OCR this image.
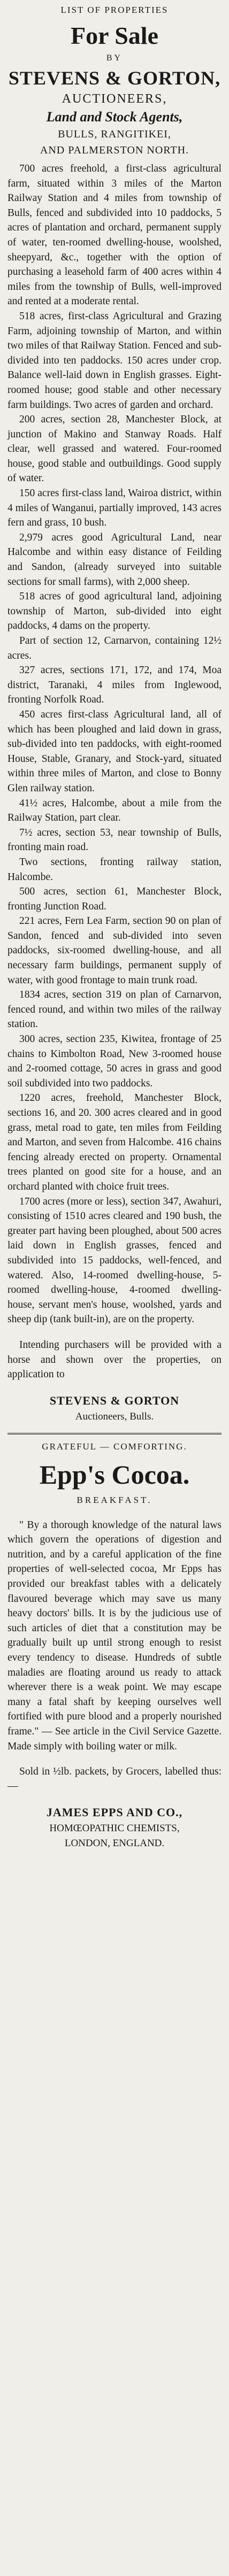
LIST OF PROPERTIES
For Sale
BY
STEVENS & GORTON,
AUCTIONEERS,
Land and Stock Agents,
BULLS, RANGITIKEI,
AND PALMERSTON NORTH.

700 acres freehold, a first-class agricultural farm, situated within 3 miles of the Marton Railway Station and 4 miles from township of Bulls, fenced and subdivided into 10 paddocks, 5 acres of plantation and orchard, permanent supply of water, ten-roomed dwelling-house, woolshed, sheepyard, &c., together with the option of purchasing a leasehold farm of 400 acres within 4 miles from the township of Bulls, well-improved and rented at a moderate rental.

518 acres, first-class Agricultural and Grazing Farm, adjoining township of Marton, and within two miles of that Railway Station. Fenced and sub-divided into ten paddocks. 150 acres under crop. Balance well-laid down in English grasses. Eight-roomed house; good stable and other necessary farm buildings. Two acres of garden and orchard.

200 acres, section 28, Manchester Block, at junction of Makino and Stanway Roads. Half clear, well grassed and watered. Four-roomed house, good stable and outbuildings. Good supply of water.

150 acres first-class land, Wairoa district, within 4 miles of Wanganui, partially improved, 143 acres fern and grass, 10 bush.

2,979 acres good Agricultural Land, near Halcombe and within easy distance of Feilding and Sandon, (already surveyed into suitable sections for small farms), with 2,000 sheep.

518 acres of good agricultural land, adjoining township of Marton, sub-divided into eight paddocks, 4 dams on the property.

Part of section 12, Carnarvon, containing 12½ acres.

327 acres, sections 171, 172, and 174, Moa district, Taranaki, 4 miles from Inglewood, fronting Norfolk Road.

450 acres first-class Agricultural land, all of which has been ploughed and laid down in grass, sub-divided into ten paddocks, with eight-roomed House, Stable, Granary, and Stock-yard, situated within three miles of Marton, and close to Bonny Glen railway station.

41½ acres, Halcombe, about a mile from the Railway Station, part clear.

7½ acres, section 53, near township of Bulls, fronting main road.

Two sections, fronting railway station, Halcombe.

500 acres, section 61, Manchester Block, fronting Junction Road.

221 acres, Fern Lea Farm, section 90 on plan of Sandon, fenced and sub-divided into seven paddocks, six-roomed dwelling-house, and all necessary farm buildings, permanent supply of water, with good frontage to main trunk road.

1834 acres, section 319 on plan of Carnarvon, fenced round, and within two miles of the railway station.

300 acres, section 235, Kiwitea, frontage of 25 chains to Kimbolton Road, New 3-roomed house and 2-roomed cottage, 50 acres in grass and good soil subdivided into two paddocks.

1220 acres, freehold, Manchester Block, sections 16, and 20. 300 acres cleared and in good grass, metal road to gate, ten miles from Feilding and Marton, and seven from Halcombe. 416 chains fencing already erected on property. Ornamental trees planted on good site for a house, and an orchard planted with choice fruit trees.

1700 acres (more or less), section 347, Awahuri, consisting of 1510 acres cleared and 190 bush, the greater part having been ploughed, about 500 acres laid down in English grasses, fenced and subdivided into 15 paddocks, well-fenced, and watered. Also, 14-roomed dwelling-house, 5-roomed dwelling-house, 4-roomed dwelling-house, servant men's house, woolshed, yards and sheep dip (tank built-in), are on the property.

Intending purchasers will be provided with a horse and shown over the properties, on application to

STEVENS & GORTON
Auctioneers, Bulls.
GRATEFUL — COMFORTING.
Epp's Cocoa.
BREAKFAST.

" By a thorough knowledge of the natural laws which govern the operations of digestion and nutrition, and by a careful application of the fine properties of well-selected cocoa, Mr Epps has provided our breakfast tables with a delicately flavoured beverage which may save us many heavy doctors' bills. It is by the judicious use of such articles of diet that a constitution may be gradually built up until strong enough to resist every tendency to disease. Hundreds of subtle maladies are floating around us ready to attack wherever there is a weak point. We may escape many a fatal shaft by keeping ourselves well fortified with pure blood and a properly nourished frame." — See article in the Civil Service Gazette. Made simply with boiling water or milk.

Sold in ½lb. packets, by Grocers, labelled thus:—

JAMES EPPS AND CO.,
HOMŒOPATHIC CHEMISTS,
LONDON, ENGLAND.
